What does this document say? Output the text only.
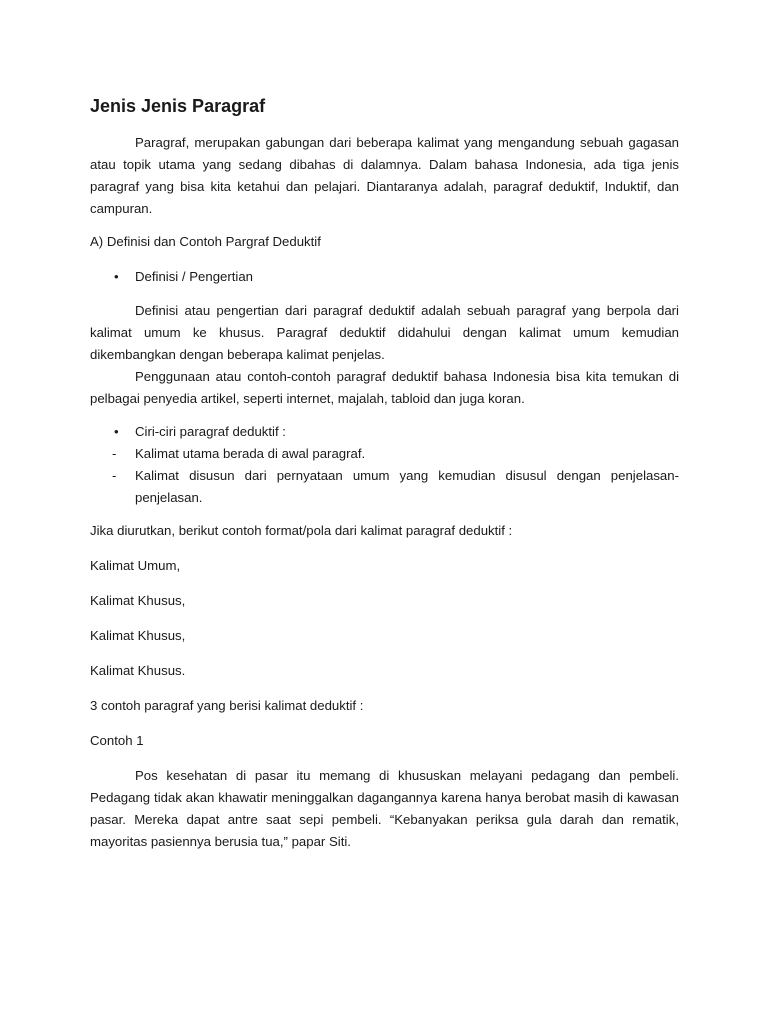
Jenis Jenis Paragraf

Paragraf, merupakan gabungan dari beberapa kalimat yang mengandung sebuah gagasan atau topik utama yang sedang dibahas di dalamnya. Dalam bahasa Indonesia, ada tiga jenis paragraf yang bisa kita ketahui dan pelajari. Diantaranya adalah, paragraf deduktif, Induktif, dan campuran.

A) Definisi dan Contoh Pargraf Deduktif
• Definisi / Pengertian

Definisi atau pengertian dari paragraf deduktif adalah sebuah paragraf yang berpola dari kalimat umum ke khusus. Paragraf deduktif didahului dengan kalimat umum kemudian dikembangkan dengan beberapa kalimat penjelas.

Penggunaan atau contoh-contoh paragraf deduktif bahasa Indonesia bisa kita temukan di pelbagai penyedia artikel, seperti internet, majalah, tabloid dan juga koran.

• Ciri-ciri paragraf deduktif :
- Kalimat utama berada di awal paragraf.
- Kalimat disusun dari pernyataan umum yang kemudian disusul dengan penjelasan-penjelasan.
Jika diurutkan, berikut contoh format/pola dari kalimat paragraf deduktif :
Kalimat Umum,
Kalimat Khusus,
Kalimat Khusus,
Kalimat Khusus.
3 contoh paragraf yang berisi kalimat deduktif :
Contoh 1

Pos kesehatan di pasar itu memang di khususkan melayani pedagang dan pembeli. Pedagang tidak akan khawatir meninggalkan dagangannya karena hanya berobat masih di kawasan pasar. Mereka dapat antre saat sepi pembeli. “Kebanyakan periksa gula darah dan rematik, mayoritas pasiennya berusia tua,” papar Siti.
